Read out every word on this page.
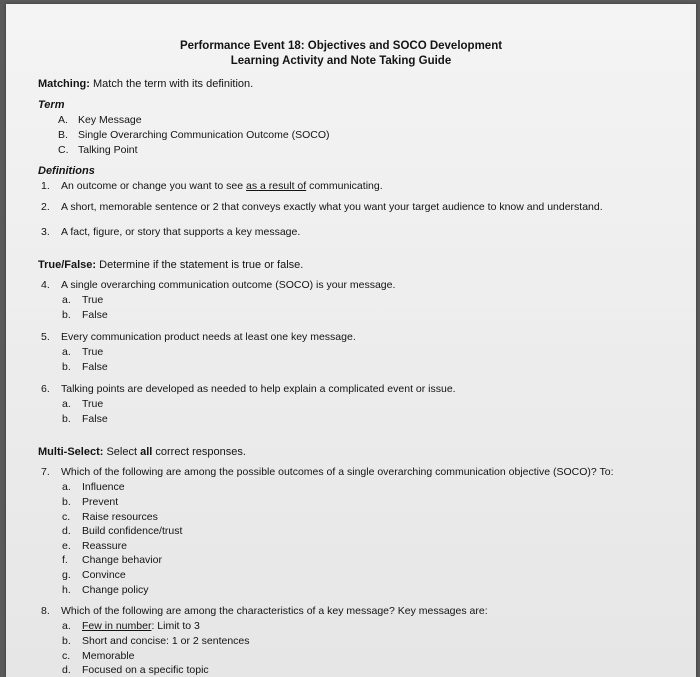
Performance Event 18: Objectives and SOCO Development
Learning Activity and Note Taking Guide
Matching: Match the term with its definition.
Term
A. Key Message
B. Single Overarching Communication Outcome (SOCO)
C. Talking Point
Definitions
1. An outcome or change you want to see as a result of communicating.
2. A short, memorable sentence or 2 that conveys exactly what you want your target audience to know and understand.
3. A fact, figure, or story that supports a key message.
True/False: Determine if the statement is true or false.
4. A single overarching communication outcome (SOCO) is your message.
a. True
b. False
5. Every communication product needs at least one key message.
a. True
b. False
6. Talking points are developed as needed to help explain a complicated event or issue.
a. True
b. False
Multi-Select: Select all correct responses.
7. Which of the following are among the possible outcomes of a single overarching communication objective (SOCO)? To:
a. Influence
b. Prevent
c. Raise resources
d. Build confidence/trust
e. Reassure
f. Change behavior
g. Convince
h. Change policy
8. Which of the following are among the characteristics of a key message? Key messages are:
a. Few in number: Limit to 3
b. Short and concise: 1 or 2 sentences
c. Memorable
d. Focused on a specific topic
